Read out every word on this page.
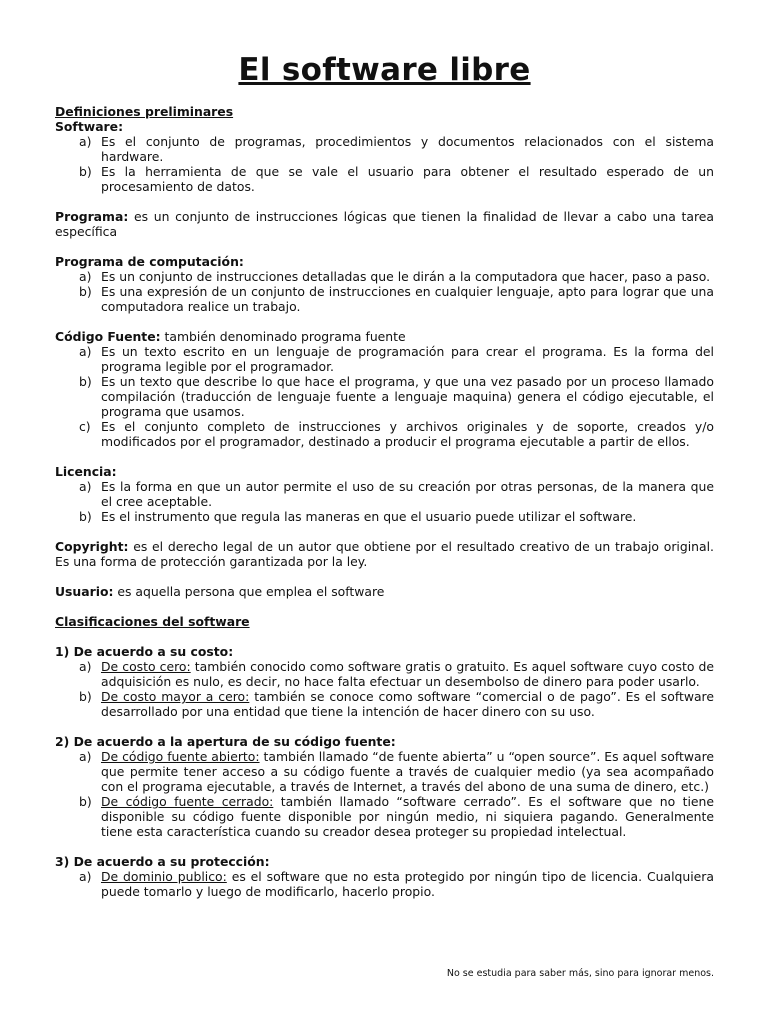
El software libre

Definiciones preliminares

Software:

a) Es el conjunto de programas, procedimientos y documentos relacionados con el sistema hardware.
b) Es la herramienta de que se vale el usuario para obtener el resultado esperado de un procesamiento de datos.

Programa: es un conjunto de instrucciones lógicas que tienen la finalidad de llevar a cabo una tarea específica

Programa de computación:

a) Es un conjunto de instrucciones detalladas que le dirán a la computadora que hacer, paso a paso.
b) Es una expresión de un conjunto de instrucciones en cualquier lenguaje, apto para lograr que una computadora realice un trabajo.

Código Fuente: también denominado programa fuente

a) Es un texto escrito en un lenguaje de programación para crear el programa. Es la forma del programa legible por el programador.
b) Es un texto que describe lo que hace el programa, y que una vez pasado por un proceso llamado compilación (traducción de lenguaje fuente a lenguaje maquina) genera el código ejecutable, el programa que usamos.
c) Es el conjunto completo de instrucciones y archivos originales y de soporte, creados y/o modificados por el programador, destinado a producir el programa ejecutable a partir de ellos.

Licencia:

a) Es la forma en que un autor permite el uso de su creación por otras personas, de la manera que el cree aceptable.
b) Es el instrumento que regula las maneras en que el usuario puede utilizar el software.

Copyright: es el derecho legal de un autor que obtiene por el resultado creativo de un trabajo original. Es una forma de protección garantizada por la ley.

Usuario: es aquella persona que emplea el software

Clasificaciones del software

1) De acuerdo a su costo:

a) De costo cero: también conocido como software gratis o gratuito. Es aquel software cuyo costo de adquisición es nulo, es decir, no hace falta efectuar un desembolso de dinero para poder usarlo.
b) De costo mayor a cero: también se conoce como software “comercial o de pago”. Es el software desarrollado por una entidad que tiene la intención de hacer dinero con su uso.

2) De acuerdo a la apertura de su código fuente:

a) De código fuente abierto: también llamado “de fuente abierta” u “open source”. Es aquel software que permite tener acceso a su código fuente a través de cualquier medio (ya sea acompañado con el programa ejecutable, a través de Internet, a través del abono de una suma de dinero, etc.)
b) De código fuente cerrado: también llamado “software cerrado”. Es el software que no tiene disponible su código fuente disponible por ningún medio, ni siquiera pagando. Generalmente tiene esta característica cuando su creador desea proteger su propiedad intelectual.

3) De acuerdo a su protección:

a) De dominio publico: es el software que no esta protegido por ningún tipo de licencia. Cualquiera puede tomarlo y luego de modificarlo, hacerlo propio.
No se estudia para saber más, sino para ignorar menos.
